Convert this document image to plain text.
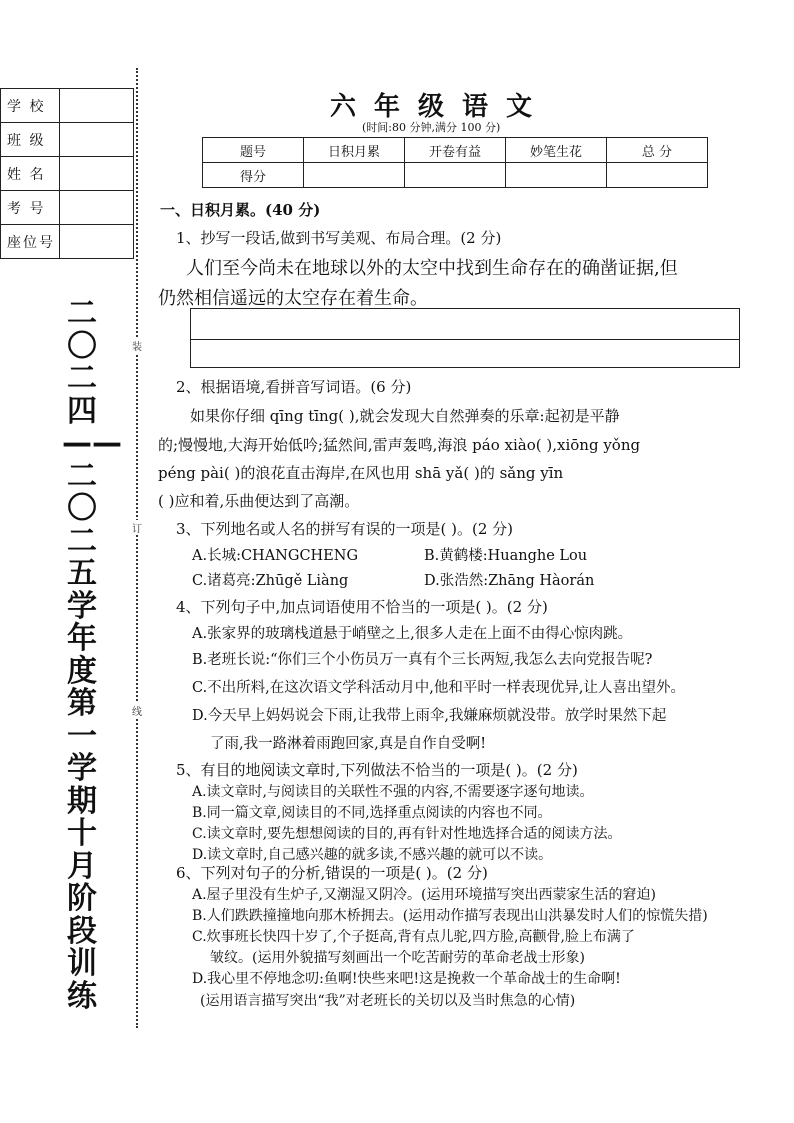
学 校	
班 级	
姓 名	
考 号	
座位号	
二〇二四——二〇二五学年度第一学期十月阶段训练
装
订
线
六年级语文
(时间:80 分钟,满分 100 分)
题号	日积月累	开卷有益	妙笔生花	总 分
得分				
一、日积月累。(40 分)
1、抄写一段话,做到书写美观、布局合理。(2 分)
人们至今尚未在地球以外的太空中找到生命存在的确凿证据,但
仍然相信遥远的太空存在着生命。
2、根据语境,看拼音写词语。(6 分)
如果你仔细 qīng tīng( ),就会发现大自然弹奏的乐章:起初是平静
的;慢慢地,大海开始低吟;猛然间,雷声轰鸣,海浪 páo xiào( ),xiōng yǒng
péng pài( )的浪花直击海岸,在风也用 shā yǎ( )的 sǎng yīn
( )应和着,乐曲便达到了高潮。
3、下列地名或人名的拼写有误的一项是( )。(2 分)
A.长城:CHANGCHENG	B.黄鹤楼:Huanghe Lou
C.诸葛亮:Zhūgě Liàng	D.张浩然:Zhāng Hàorán
4、下列句子中,加点词语使用不恰当的一项是( )。(2 分)
A.张家界的玻璃栈道悬于峭壁之上,很多人走在上面不由得心惊肉跳。
B.老班长说:“你们三个小伤员万一真有个三长两短,我怎么去向党报告呢?
C.不出所料,在这次语文学科活动月中,他和平时一样表现优异,让人喜出望外。
D.今天早上妈妈说会下雨,让我带上雨伞,我嫌麻烦就没带。放学时果然下起
了雨,我一路淋着雨跑回家,真是自作自受啊!
5、有目的地阅读文章时,下列做法不恰当的一项是( )。(2 分)
A.读文章时,与阅读目的关联性不强的内容,不需要逐字逐句地读。
B.同一篇文章,阅读目的不同,选择重点阅读的内容也不同。
C.读文章时,要先想想阅读的目的,再有针对性地选择合适的阅读方法。
D.读文章时,自己感兴趣的就多读,不感兴趣的就可以不读。
6、下列对句子的分析,错误的一项是( )。(2 分)
A.屋子里没有生炉子,又潮湿又阴冷。(运用环境描写突出西蒙家生活的窘迫)
B.人们跌跌撞撞地向那木桥拥去。(运用动作描写表现出山洪暴发时人们的惊慌失措)
C.炊事班长快四十岁了,个子挺高,背有点儿驼,四方脸,高颧骨,脸上布满了
皱纹。(运用外貌描写刻画出一个吃苦耐劳的革命老战士形象)
D.我心里不停地念叨:鱼啊!快些来吧!这是挽救一个革命战士的生命啊!
(运用语言描写突出“我”对老班长的关切以及当时焦急的心情)
